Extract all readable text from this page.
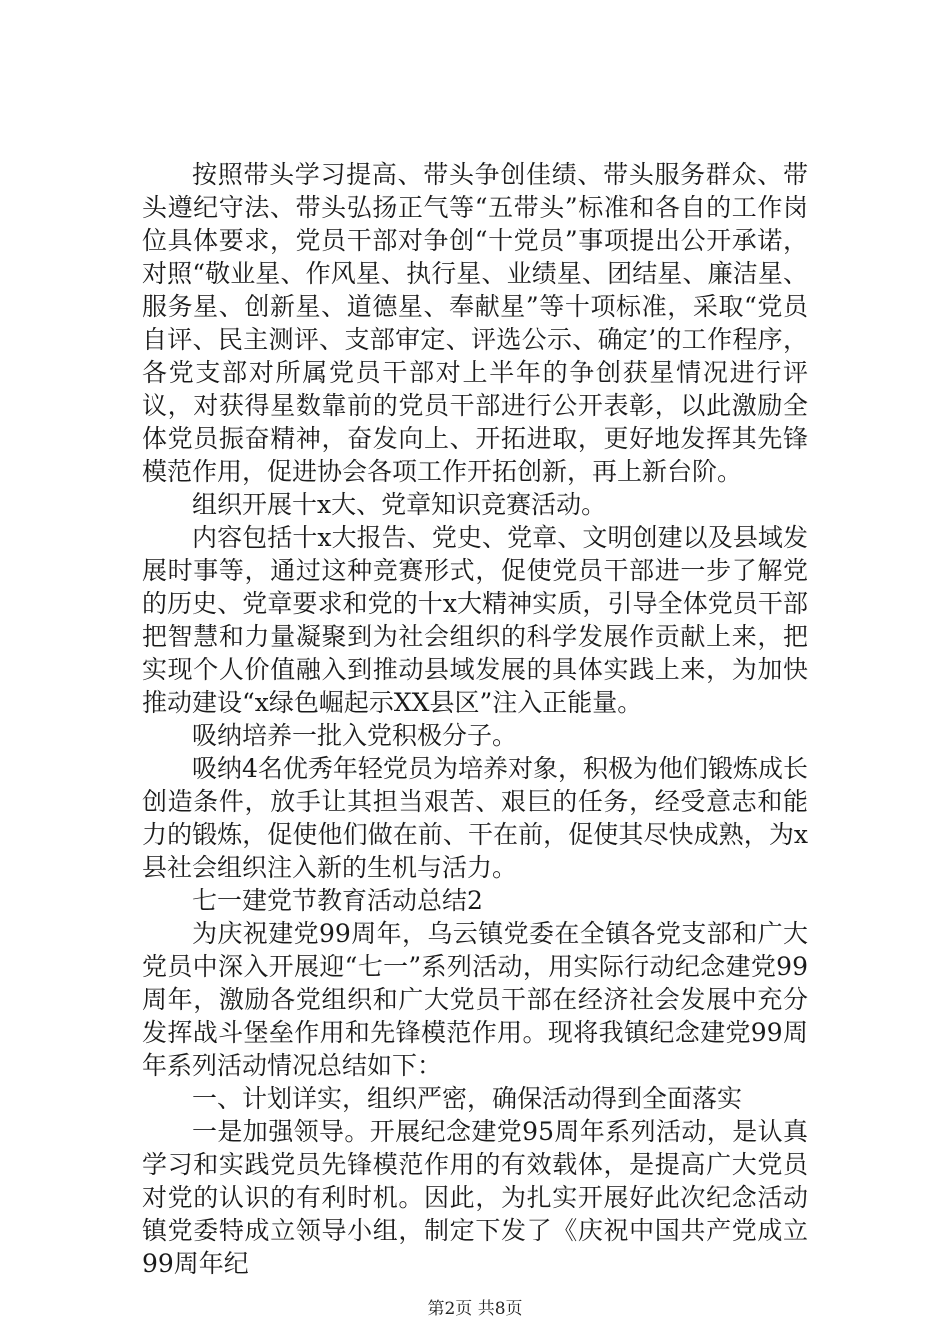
按照带头学习提高、带头争创佳绩、带头服务群众、带头遵纪守法、带头弘扬正气等“五带头”标准和各自的工作岗位具体要求，党员干部对争创“十党员”事项提出公开承诺，对照“敬业星、作风星、执行星、业绩星、团结星、廉洁星、服务星、创新星、道德星、奉献星”等十项标准，采取“党员自评、民主测评、支部审定、评选公示、确定’的工作程序，各党支部对所属党员干部对上半年的争创获星情况进行评议，对获得星数靠前的党员干部进行公开表彰，以此激励全体党员振奋精神，奋发向上、开拓进取，更好地发挥其先锋模范作用，促进协会各项工作开拓创新，再上新台阶。

组织开展十x大、党章知识竞赛活动。

内容包括十x大报告、党史、党章、文明创建以及县域发展时事等，通过这种竞赛形式，促使党员干部进一步了解党的历史、党章要求和党的十x大精神实质，引导全体党员干部把智慧和力量凝聚到为社会组织的科学发展作贡献上来，把实现个人价值融入到推动县域发展的具体实践上来，为加快推动建设“x绿色崛起示XX县区”注入正能量。

吸纳培养一批入党积极分子。

吸纳4名优秀年轻党员为培养对象，积极为他们锻炼成长创造条件，放手让其担当艰苦、艰巨的任务，经受意志和能力的锻炼，促使他们做在前、干在前，促使其尽快成熟，为x县社会组织注入新的生机与活力。

七一建党节教育活动总结2

为庆祝建党99周年，乌云镇党委在全镇各党支部和广大党员中深入开展迎“七一”系列活动，用实际行动纪念建党99周年，激励各党组织和广大党员干部在经济社会发展中充分发挥战斗堡垒作用和先锋模范作用。现将我镇纪念建党99周年系列活动情况总结如下：

一、计划详实，组织严密，确保活动得到全面落实

一是加强领导。开展纪念建党95周年系列活动，是认真学习和实践党员先锋模范作用的有效载体，是提高广大党员对党的认识的有利时机。因此，为扎实开展好此次纪念活动镇党委特成立领导小组，制定下发了《庆祝中国共产党成立99周年纪

第2页 共8页
